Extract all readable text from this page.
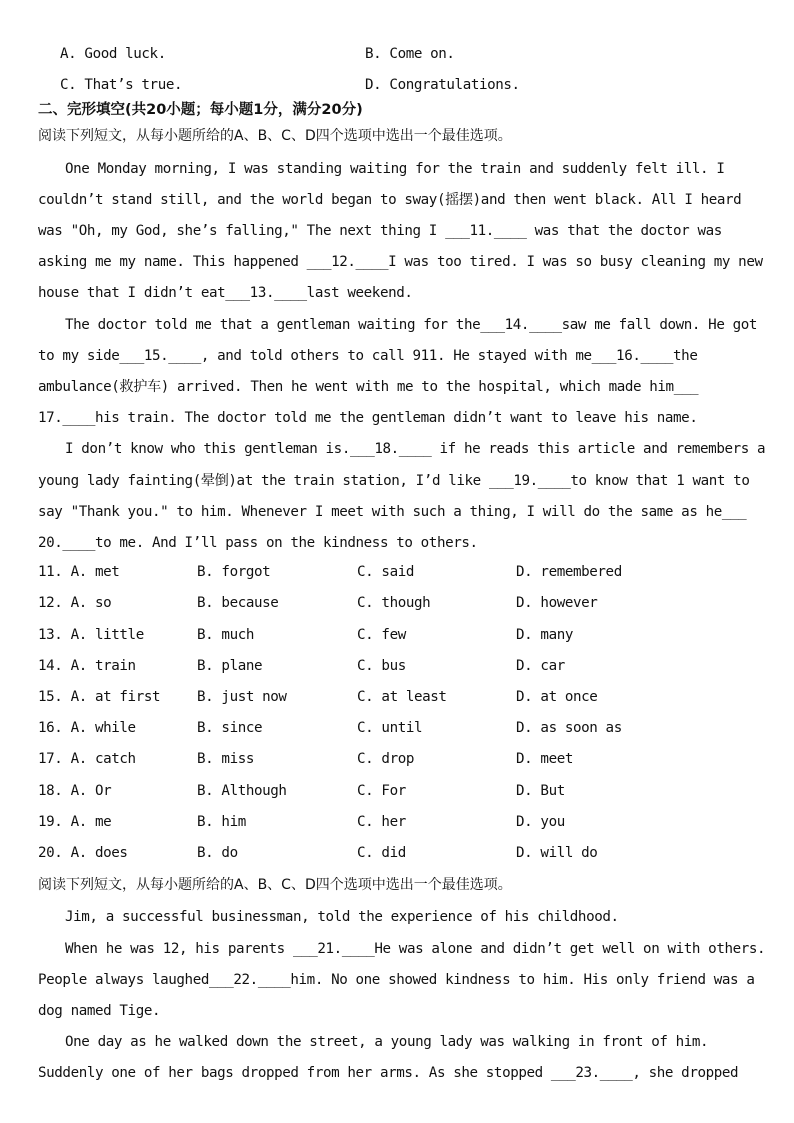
A. Good luck.	B. Come on.
C. That’s true.	D. Congratulations.
二、完形填空(共20小题；每小题1分，满分20分)
阅读下列短文，从每小题所给的A、B、C、D四个选项中选出一个最佳选项。
One Monday morning, I was standing waiting for the train and suddenly felt ill. I
couldn’t stand still, and the world began to sway(摇摆)and then went black. All I heard
was "Oh, my God, she’s falling," The next thing I ___11.____ was that the doctor was
asking me my name. This happened ___12.____I was too tired. I was so busy cleaning my new
house that I didn’t eat___13.____last weekend.
The doctor told me that a gentleman waiting for the___14.____saw me fall down. He got
to my side___15.____, and told others to call 911. He stayed with me___16.____the
ambulance(救护车) arrived. Then he went with me to the hospital, which made him___
17.____his train. The doctor told me the gentleman didn’t want to leave his name.
I don’t know who this gentleman is.___18.____ if he reads this article and remembers a
young lady fainting(晕倒)at the train station, I’d like ___19.____to know that 1 want to
say "Thank you." to him. Whenever I meet with such a thing, I will do the same as he___
20.____to me. And I’ll pass on the kindness to others.
11. A. met	B. forgot	C. said	D. remembered
12. A. so	B. because	C. though	D. however
13. A. little	B. much	C. few	D. many
14. A. train	B. plane	C. bus	D. car
15. A. at first	B. just now	C. at least	D. at once
16. A. while	B. since	C. until	D. as soon as
17. A. catch	B. miss	C. drop	D. meet
18. A. Or	B. Although	C. For	D. But
19. A. me	B. him	C. her	D. you
20. A. does	B. do	C. did	D. will do
阅读下列短文，从每小题所给的A、B、C、D四个选项中选出一个最佳选项。
Jim, a successful businessman, told the experience of his childhood.
When he was 12, his parents ___21.____He was alone and didn’t get well on with others.
People always laughed___22.____him. No one showed kindness to him. His only friend was a
dog named Tige.
One day as he walked down the street, a young lady was walking in front of him.
Suddenly one of her bags dropped from her arms. As she stopped ___23.____, she dropped
